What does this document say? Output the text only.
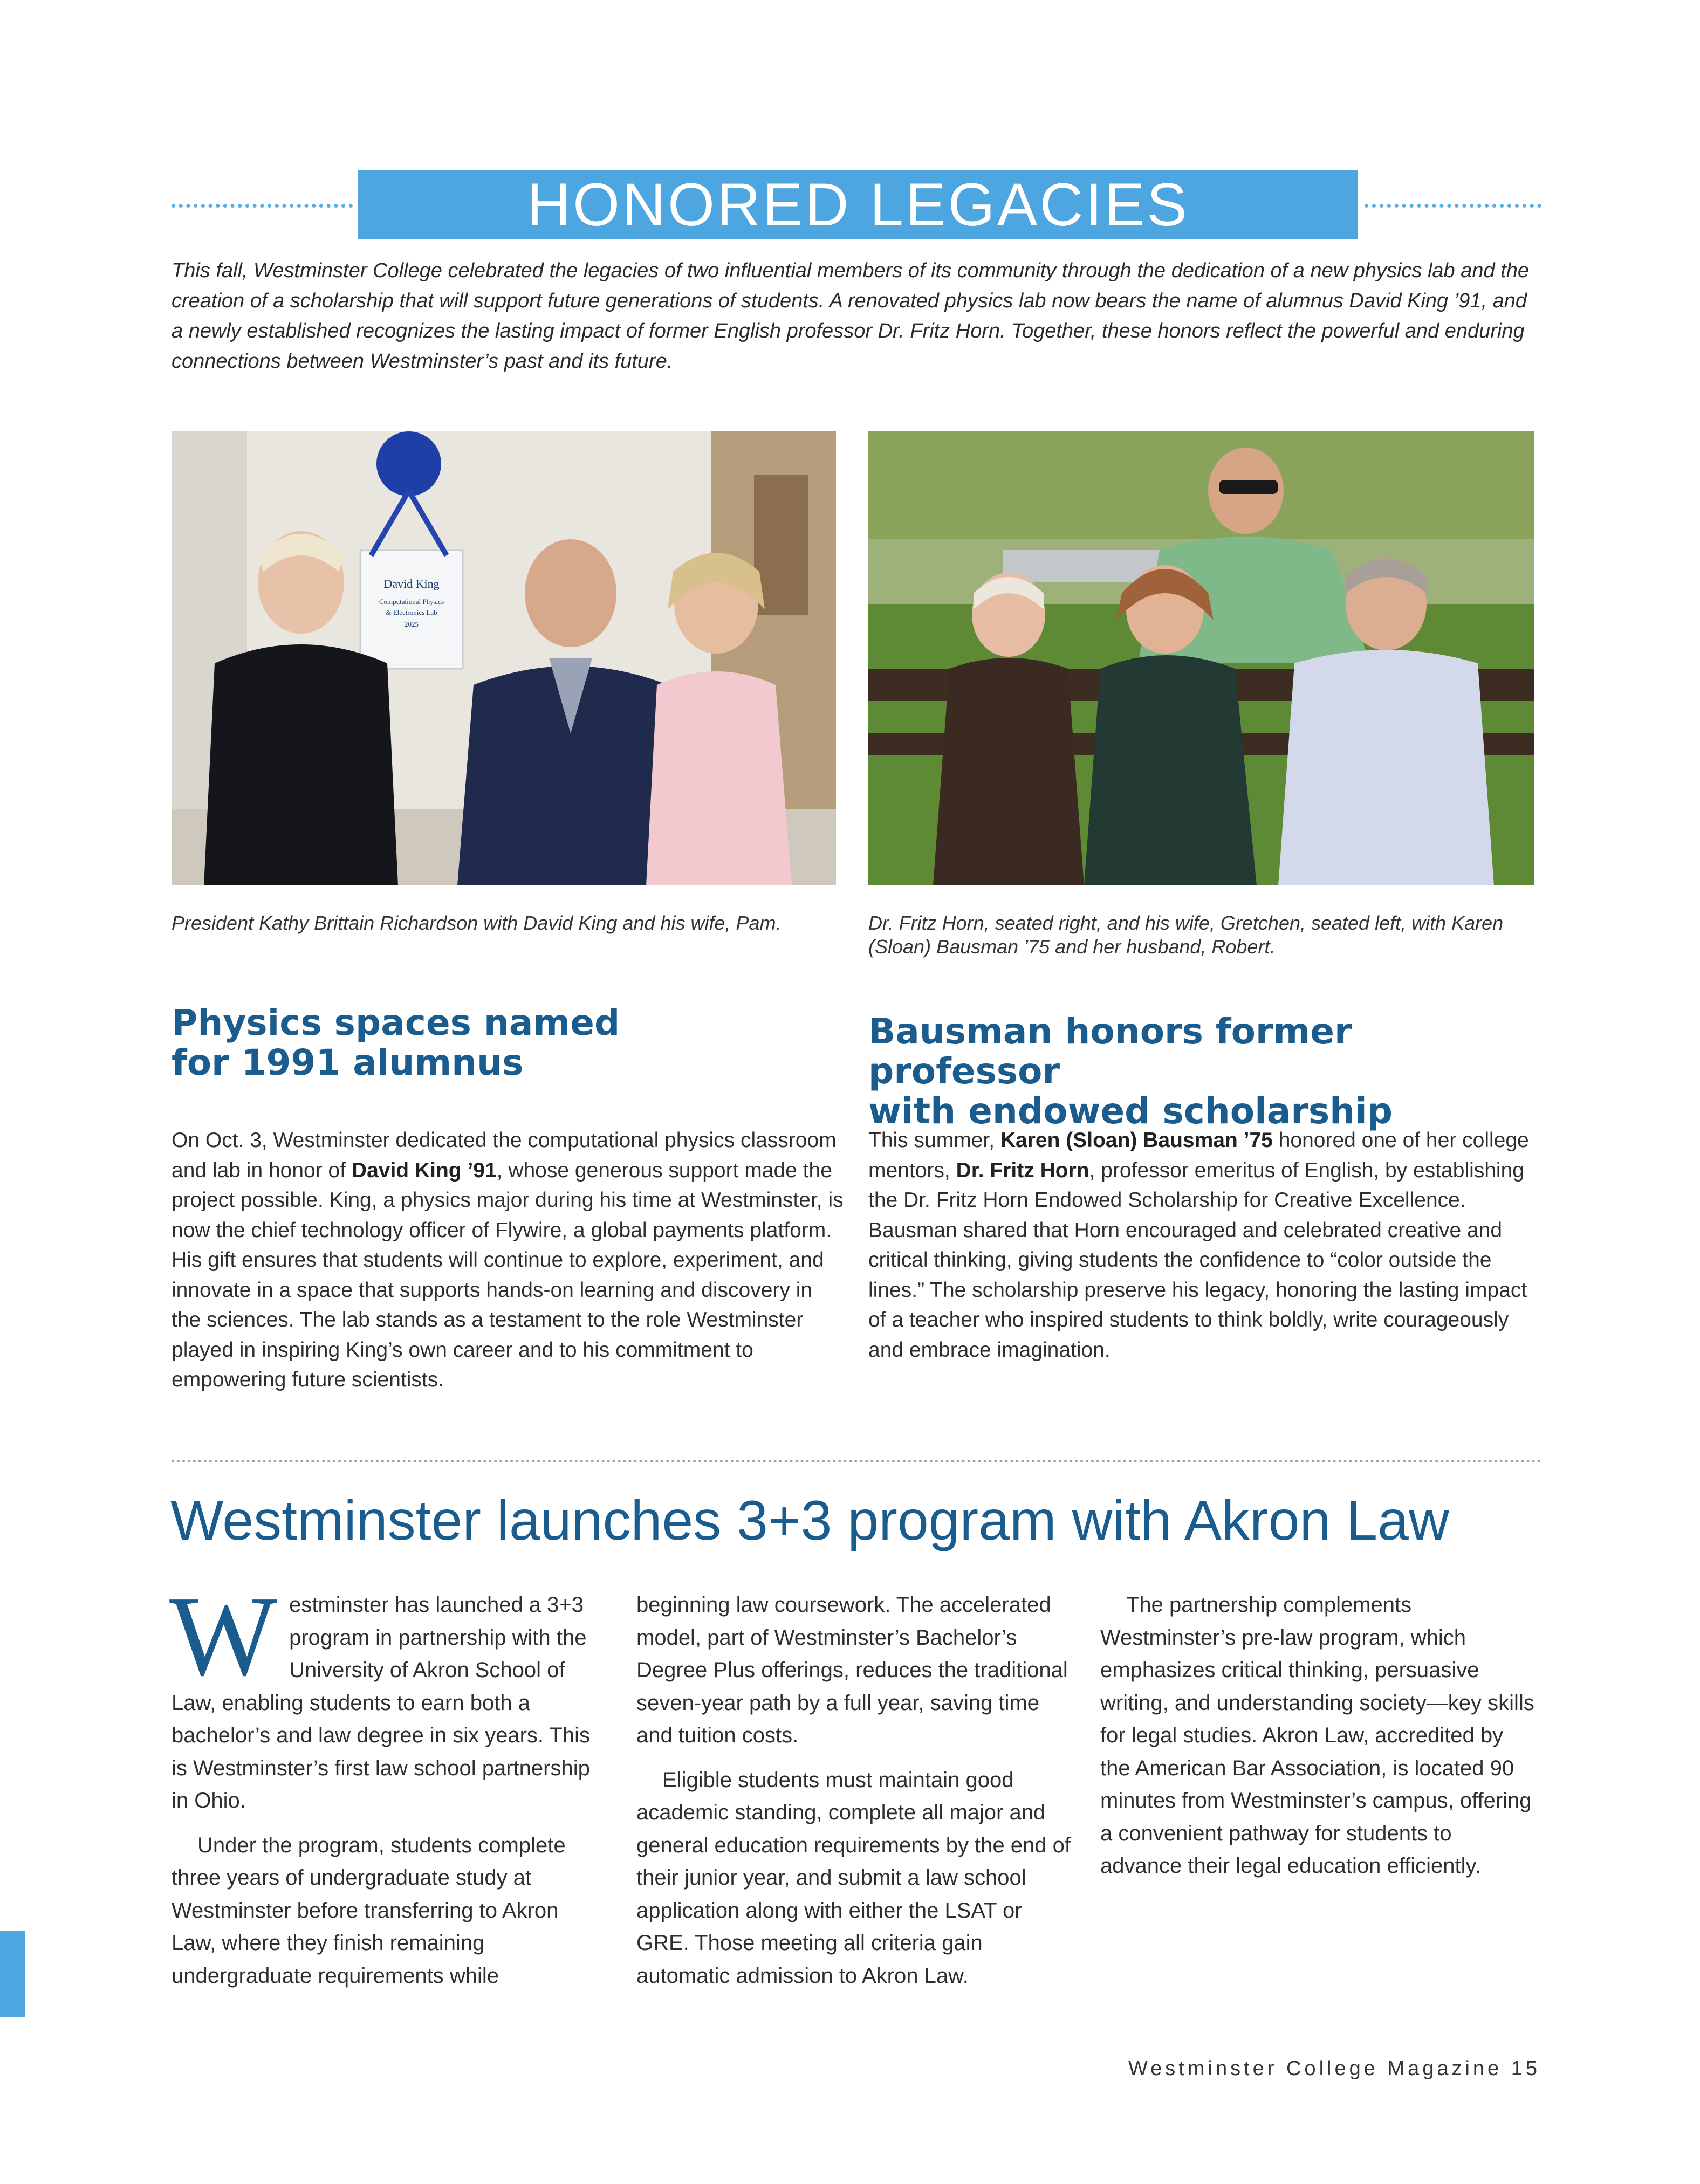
HONORED LEGACIES
This fall, Westminster College celebrated the legacies of two influential members of its community through the dedication of a new physics lab and the creation of a scholarship that will support future generations of students. A renovated physics lab now bears the name of alumnus David King ’91, and a newly established recognizes the lasting impact of former English professor Dr. Fritz Horn. Together, these honors reflect the powerful and enduring connections between Westminster’s past and its future.
David King
Computational Physics
& Electronics Lab
2025
President Kathy Brittain Richardson with David King and his wife, Pam.	Dr. Fritz Horn, seated right, and his wife, Gretchen, seated left, with Karen (Sloan) Bausman ’75 and her husband, Robert.
Physics spaces named
for 1991 alumnus
Bausman honors former professor
with endowed scholarship

On Oct. 3, Westminster dedicated the computational physics classroom and lab in honor of David King ’91, whose generous support made the project possible. King, a physics major during his time at Westminster, is now the chief technology officer of Flywire, a global payments platform. His gift ensures that students will continue to explore, experiment, and innovate in a space that supports hands-on learning and discovery in the sciences. The lab stands as a testament to the role Westminster played in inspiring King’s own career and to his commitment to empowering future scientists.

This summer, Karen (Sloan) Bausman ’75 honored one of her college mentors, Dr. Fritz Horn, professor emeritus of English, by establishing the Dr. Fritz Horn Endowed Scholarship for Creative Excellence. Bausman shared that Horn encouraged and celebrated creative and critical thinking, giving students the confidence to “color outside the lines.” The scholarship preserve his legacy, honoring the lasting impact of a teacher who inspired students to think boldly, write courageously and embrace imagination.

Westminster launches 3+3 program with Akron Law
W estminster has launched a 3+3 program in partnership with the University of Akron School of Law, enabling students to earn both a bachelor’s and law degree in six years. This is Westminster’s first law school partnership in Ohio.

Under the program, students complete three years of undergraduate study at Westminster before transferring to Akron Law, where they finish remaining undergraduate requirements while

beginning law coursework. The accelerated model, part of Westminster’s Bachelor’s Degree Plus offerings, reduces the traditional seven-year path by a full year, saving time and tuition costs.

Eligible students must maintain good academic standing, complete all major and general education requirements by the end of their junior year, and submit a law school application along with either the LSAT or GRE. Those meeting all criteria gain automatic admission to Akron Law.

The partnership complements Westminster’s pre-law program, which emphasizes critical thinking, persuasive writing, and understanding society—key skills for legal studies. Akron Law, accredited by the American Bar Association, is located 90 minutes from Westminster’s campus, offering a convenient pathway for students to advance their legal education efficiently.

Westminster College Magazine 15
